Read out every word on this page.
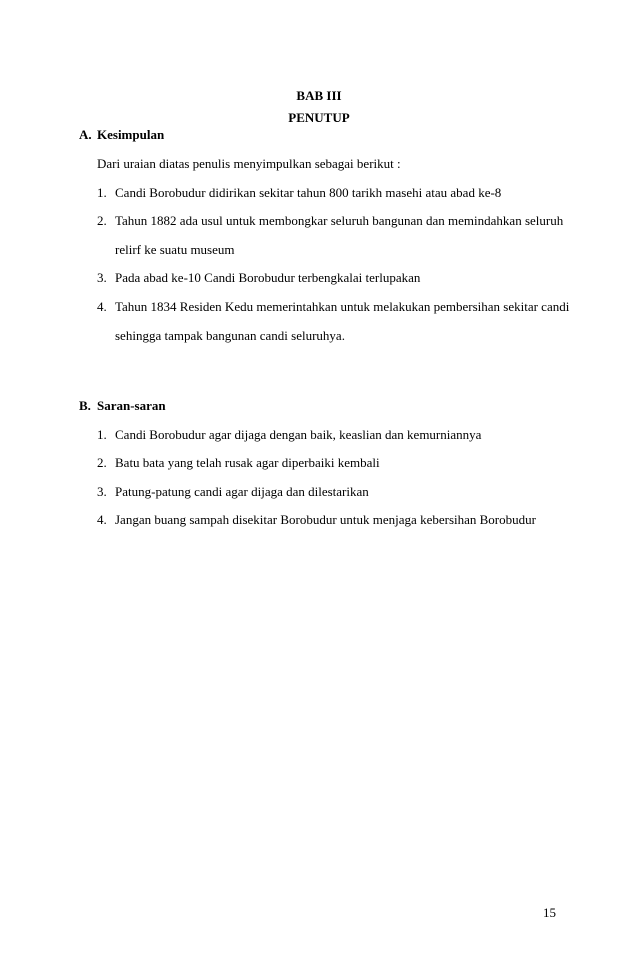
BAB III
PENUTUP
A. Kesimpulan
Dari uraian diatas penulis menyimpulkan sebagai berikut :
1. Candi Borobudur didirikan sekitar tahun 800 tarikh masehi atau abad ke-8
2. Tahun 1882 ada usul untuk membongkar seluruh bangunan dan memindahkan seluruh
relirf ke suatu museum
3. Pada abad ke-10 Candi Borobudur terbengkalai terlupakan
4. Tahun 1834 Residen Kedu memerintahkan untuk melakukan pembersihan sekitar candi
sehingga tampak bangunan candi seluruhya.
B. Saran-saran
1. Candi Borobudur agar dijaga dengan baik, keaslian dan kemurniannya
2. Batu bata yang telah rusak agar diperbaiki kembali
3. Patung-patung candi agar dijaga dan dilestarikan
4. Jangan buang sampah disekitar Borobudur untuk menjaga kebersihan Borobudur
15
